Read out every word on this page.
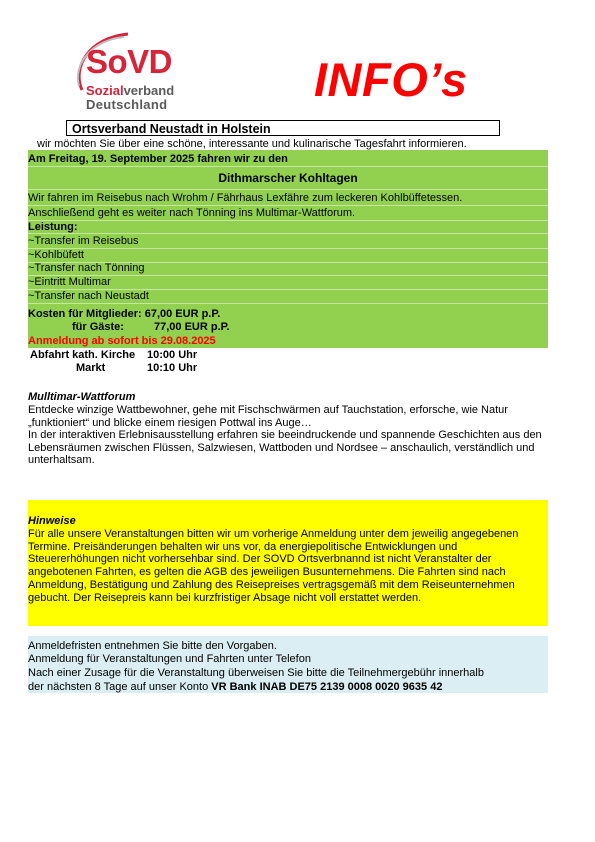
SoVD
Sozialverband
Deutschland	INFO’s
Ortsverband Neustadt in Holstein
wir möchten Sie über eine schöne, interessante und kulinarische Tagesfahrt informieren.
Am Freitag, 19. September 2025 fahren wir zu den
Dithmarscher Kohltagen
Wir fahren im Reisebus nach Wrohm / Fährhaus Lexfähre zum leckeren Kohlbüffetessen.
Anschließend geht es weiter nach Tönning ins Multimar-Wattforum.
Leistung:
~Transfer im Reisebus
~Kohlbüfett
~Transfer nach Tönning
~Eintritt Multimar
~Transfer nach Neustadt
Kosten für Mitglieder: 67,00 EUR p.P.
für Gäste:	77,00 EUR p.P.
Anmeldung ab sofort bis 29.08.2025
Abfahrt kath. Kirche 10:00 Uhr
Markt	10:10 Uhr
Mulltimar-Wattforum
Entdecke winzige Wattbewohner, gehe mit Fischschwärmen auf Tauchstation, erforsche, wie Natur „funktioniert“ und blicke einem riesigen Pottwal ins Auge…
In der interaktiven Erlebnisausstellung erfahren sie beeindruckende und spannende Geschichten aus den Lebensräumen zwischen Flüssen, Salzwiesen, Wattboden und Nordsee – anschaulich, verständlich und unterhaltsam.
Hinweise
Für alle unsere Veranstaltungen bitten wir um vorherige Anmeldung unter dem jeweilig angegebenen Termine. Preisänderungen behalten wir uns vor, da energiepolitische Entwicklungen und Steuererhöhungen nicht vorhersehbar sind. Der SOVD Ortsverbnannd ist nicht Veranstalter der angebotenen Fahrten, es gelten die AGB des jeweiligen Busunternehmens. Die Fahrten sind nach Anmeldung, Bestätigung und Zahlung des Reisepreises vertragsgemäß mit dem Reiseunternehmen gebucht. Der Reisepreis kann bei kurzfristiger Absage nicht voll erstattet werden.
Anmeldefristen entnehmen Sie bitte den Vorgaben.
Anmeldung für Veranstaltungen und Fahrten unter Telefon
Nach einer Zusage für die Veranstaltung überweisen Sie bitte die Teilnehmergebühr innerhalb
der nächsten 8 Tage auf unser Konto VR Bank INAB DE75 2139 0008 0020 9635 42
